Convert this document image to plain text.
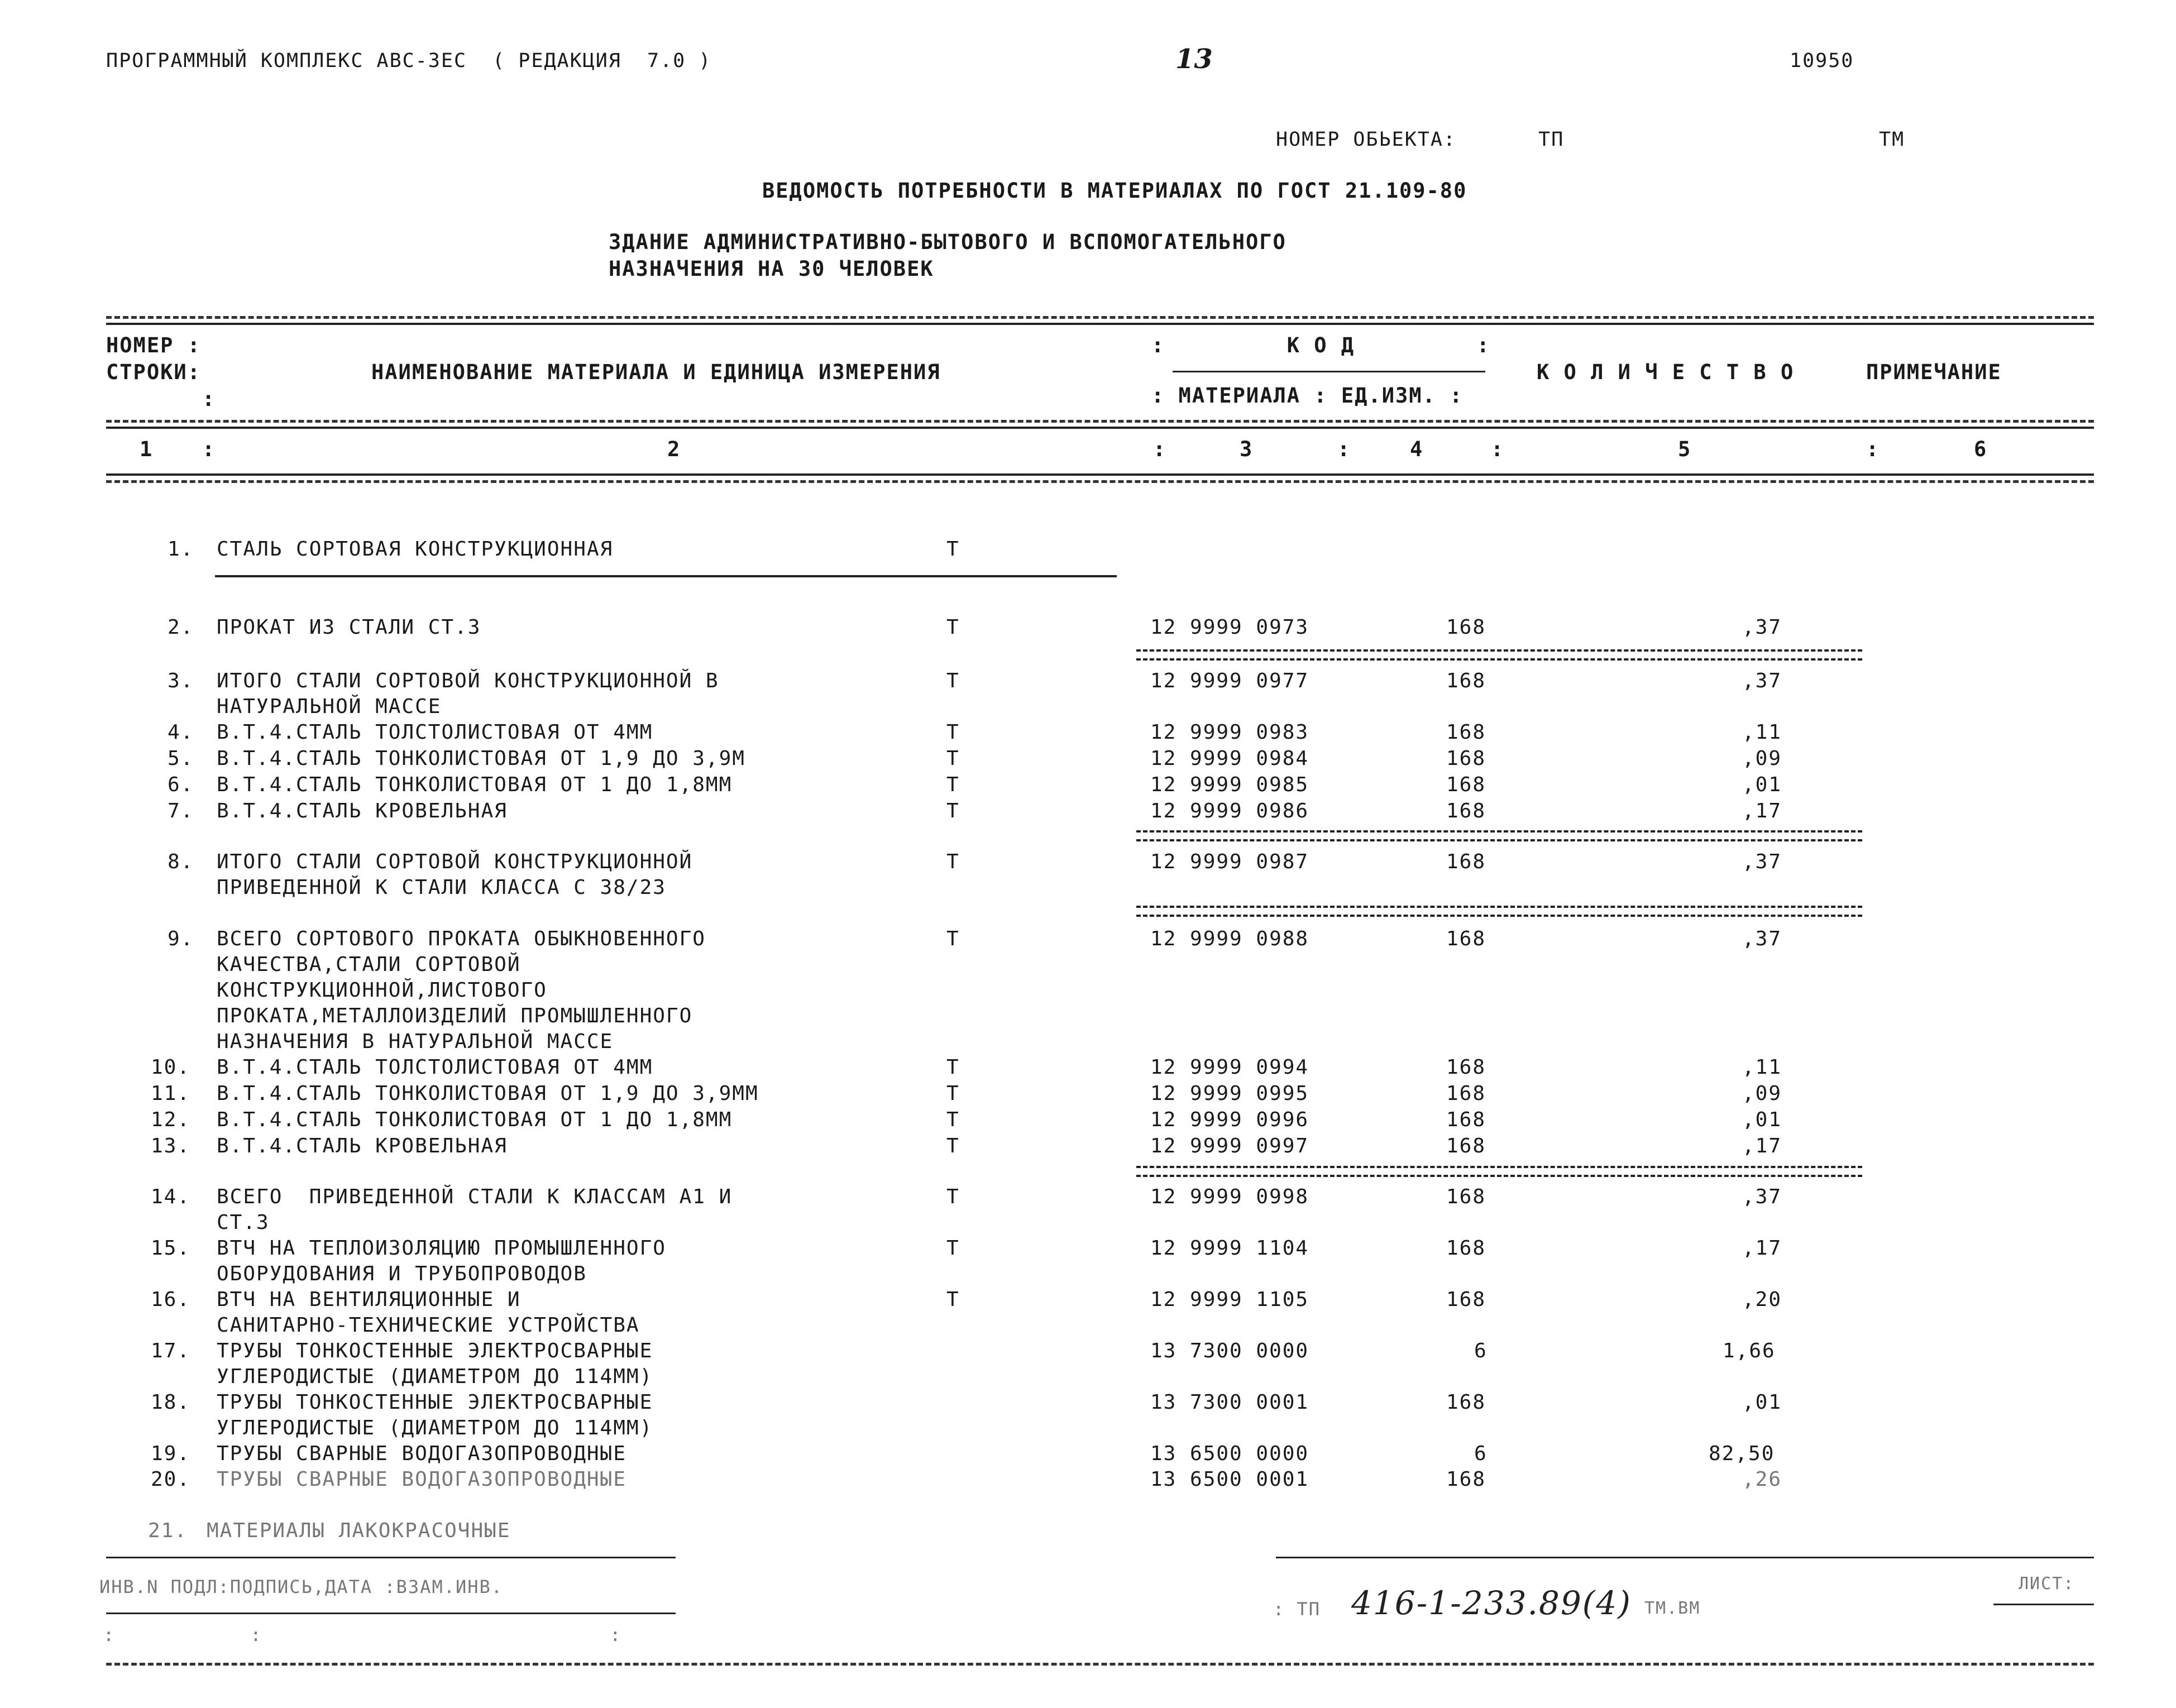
ПРОГРАММНЫЙ КОМПЛЕКС АВС-ЗЕС  ( РЕДАКЦИЯ  7.0 )	13	10950
НОМЕР ОБЬЕКТА:	ТП	ТМ
ВЕДОМОСТЬ ПОТРЕБНОСТИ В МАТЕРИАЛАХ ПО ГОСТ 21.109-80
ЗДАНИЕ АДМИНИСТРАТИВНО-БЫТОВОГО И ВСПОМОГАТЕЛЬНОГО
НАЗНАЧЕНИЯ НА 30 ЧЕЛОВЕК
НОМЕР :
СТРОКИ:
:
НАИМЕНОВАНИЕ МАТЕРИАЛА И ЕДИНИЦА ИЗМЕРЕНИЯ
:         К О Д         :
: МАТЕРИАЛА : ЕД.ИЗМ. :
К О Л И Ч Е С Т В О	ПРИМЕЧАНИЕ
1 :	2	:	3	:	4	:	5	:	6
1. СТАЛЬ СОРТОВАЯ КОНСТРУКЦИОННАЯ	Т
2. ПРОКАТ ИЗ СТАЛИ СТ.3	Т	12 9999 0973	168	,37
3. ИТОГО СТАЛИ СОРТОВОЙ КОНСТРУКЦИОННОЙ В	Т	12 9999 0977	168	,37
НАТУРАЛЬНОЙ МАССЕ
4. В.Т.4.СТАЛЬ ТОЛСТОЛИСТОВАЯ ОТ 4ММ	Т	12 9999 0983	168	,11
5. В.Т.4.СТАЛЬ ТОНКОЛИСТОВАЯ ОТ 1,9 ДО 3,9М	Т	12 9999 0984	168	,09
6. В.Т.4.СТАЛЬ ТОНКОЛИСТОВАЯ ОТ 1 ДО 1,8ММ	Т	12 9999 0985	168	,01
7. В.Т.4.СТАЛЬ КРОВЕЛЬНАЯ	Т	12 9999 0986	168	,17
8. ИТОГО СТАЛИ СОРТОВОЙ КОНСТРУКЦИОННОЙ	Т	12 9999 0987	168	,37
ПРИВЕДЕННОЙ К СТАЛИ КЛАССА С 38/23
9. ВСЕГО СОРТОВОГО ПРОКАТА ОБЫКНОВЕННОГО	Т	12 9999 0988	168	,37
КАЧЕСТВА,СТАЛИ СОРТОВОЙ
КОНСТРУКЦИОННОЙ,ЛИСТОВОГО
ПРОКАТА,МЕТАЛЛОИЗДЕЛИЙ ПРОМЫШЛЕННОГО
НАЗНАЧЕНИЯ В НАТУРАЛЬНОЙ МАССЕ
10. В.Т.4.СТАЛЬ ТОЛСТОЛИСТОВАЯ ОТ 4ММ	Т	12 9999 0994	168	,11
11. В.Т.4.СТАЛЬ ТОНКОЛИСТОВАЯ ОТ 1,9 ДО 3,9ММ	Т	12 9999 0995	168	,09
12. В.Т.4.СТАЛЬ ТОНКОЛИСТОВАЯ ОТ 1 ДО 1,8ММ	Т	12 9999 0996	168	,01
13. В.Т.4.СТАЛЬ КРОВЕЛЬНАЯ	Т	12 9999 0997	168	,17
14. ВСЕГО  ПРИВЕДЕННОЙ СТАЛИ К КЛАССАМ А1 И	Т	12 9999 0998	168	,37
СТ.3
15. ВТЧ НА ТЕПЛОИЗОЛЯЦИЮ ПРОМЫШЛЕННОГО	Т	12 9999 1104	168	,17
ОБОРУДОВАНИЯ И ТРУБОПРОВОДОВ
16. ВТЧ НА ВЕНТИЛЯЦИОННЫЕ И	Т	12 9999 1105	168	,20
САНИТАРНО-ТЕХНИЧЕСКИЕ УСТРОЙСТВА
17. ТРУБЫ ТОНКОСТЕННЫЕ ЭЛЕКТРОСВАРНЫЕ	13 7300 0000	6	1,66
УГЛЕРОДИСТЫЕ (ДИАМЕТРОМ ДО 114ММ)
18. ТРУБЫ ТОНКОСТЕННЫЕ ЭЛЕКТРОСВАРНЫЕ	13 7300 0001	168	,01
УГЛЕРОДИСТЫЕ (ДИАМЕТРОМ ДО 114ММ)
19. ТРУБЫ СВАРНЫЕ ВОДОГАЗОПРОВОДНЫЕ	13 6500 0000	6	82,50
20. ТРУБЫ СВАРНЫЕ ВОДОГАЗОПРОВОДНЫЕ	13 6500 0001	168	,26
21. МАТЕРИАЛЫ ЛАКОКРАСОЧНЫЕ
ИНВ.N ПОДЛ:ПОДПИСЬ,ДАТА :ВЗАМ.ИНВ.
:        :                     :
: ТП 416-1-233.89(4) ТМ.ВМ
ЛИСТ:
